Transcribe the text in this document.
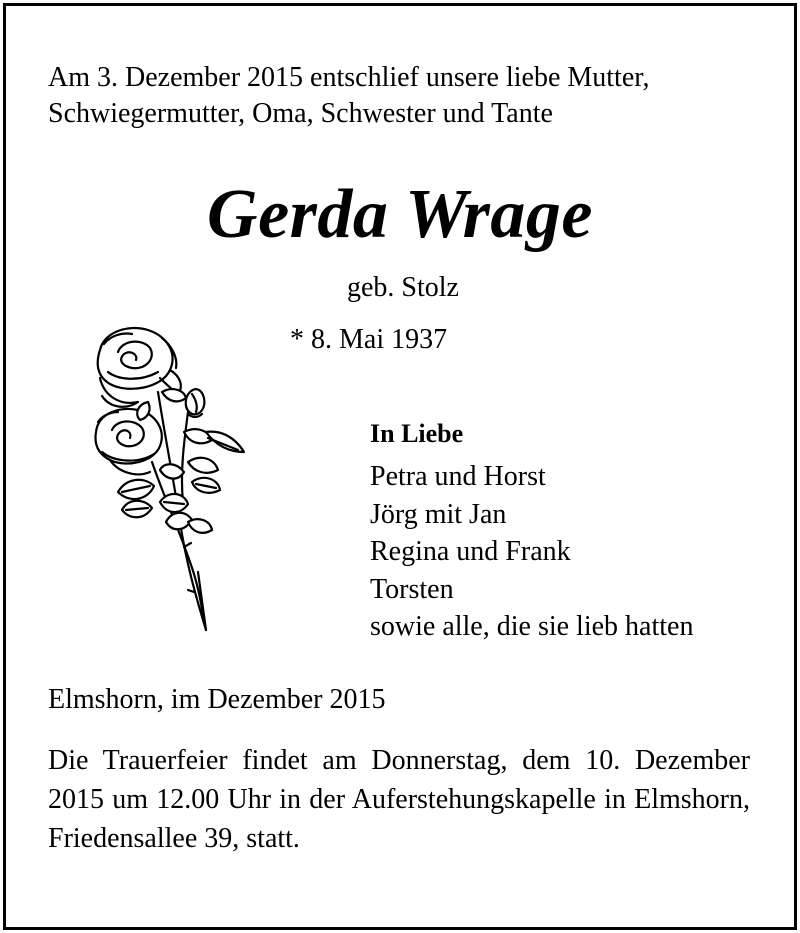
Am 3. Dezember 2015 entschlief unsere liebe Mutter, Schwiegermutter, Oma, Schwester und Tante
Gerda Wrage
geb. Stolz
* 8. Mai 1937
In Liebe
Petra und Horst
Jörg mit Jan
Regina und Frank
Torsten
sowie alle, die sie lieb hatten
Elmshorn, im Dezember 2015
Die Trauerfeier findet am Donnerstag, dem 10. Dezember 2015 um 12.00 Uhr in der Auferstehungskapelle in Elmshorn, Friedensallee 39, statt.
